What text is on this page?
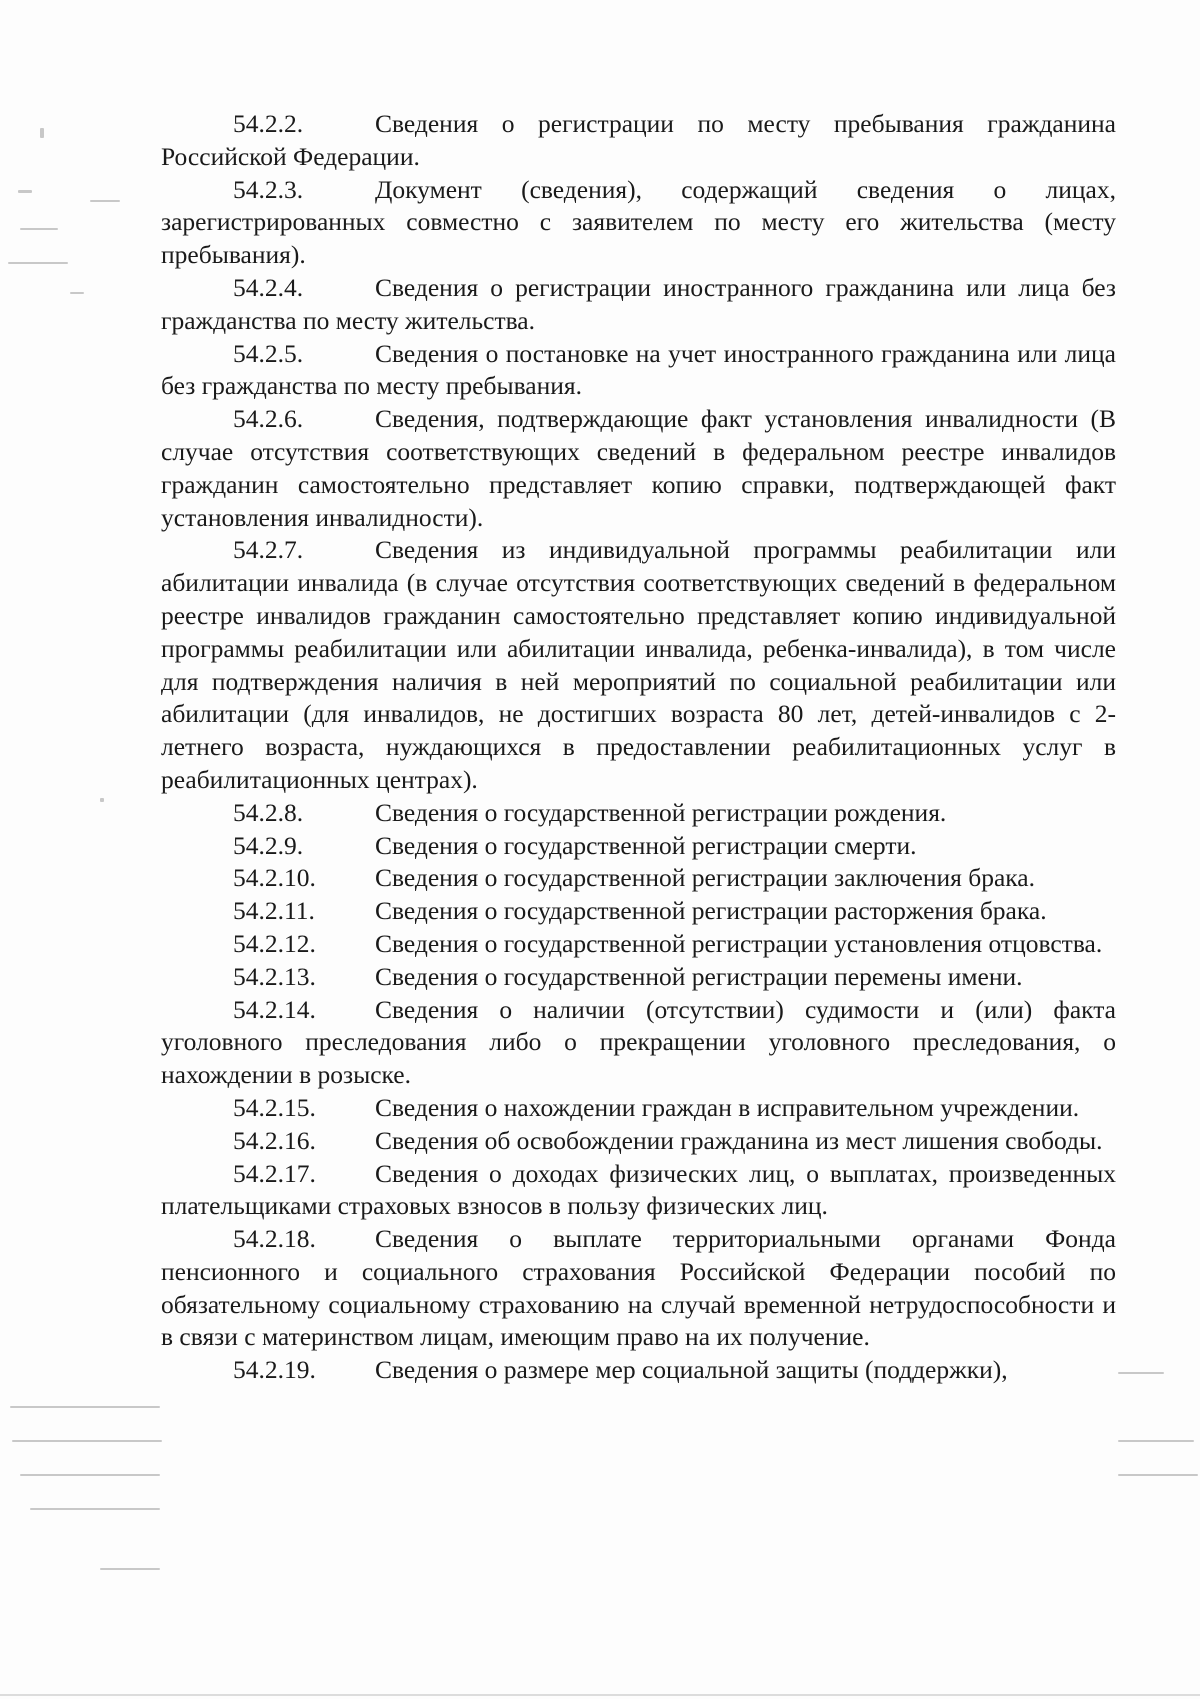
54.2.2.	Сведения о регистрации по месту пребывания гражданина Российской Федерации.

54.2.3.	Документ (сведения), содержащий сведения о лицах, зарегистрированных совместно с заявителем по месту его жительства (месту пребывания).

54.2.4.	Сведения о регистрации иностранного гражданина или лица без гражданства по месту жительства.

54.2.5.	Сведения о постановке на учет иностранного гражданина или лица без гражданства по месту пребывания.

54.2.6.	Сведения, подтверждающие факт установления инвалидности (В случае отсутствия соответствующих сведений в федеральном реестре инвалидов гражданин самостоятельно представляет копию справки, подтверждающей факт установления инвалидности).

54.2.7.	Сведения из индивидуальной программы реабилитации или абилитации инвалида (в случае отсутствия соответствующих сведений в федеральном реестре инвалидов гражданин самостоятельно представляет копию индивидуальной программы реабилитации или абилитации инвалида, ребенка-инвалида), в том числе для подтверждения наличия в ней мероприятий по социальной реабилитации или абилитации (для инвалидов, не достигших возраста 80 лет, детей-инвалидов с 2-летнего возраста, нуждающихся в предоставлении реабилитационных услуг в реабилитационных центрах).

54.2.8.	Сведения о государственной регистрации рождения.

54.2.9.	Сведения о государственной регистрации смерти.

54.2.10. Сведения о государственной регистрации заключения брака.

54.2.11. Сведения о государственной регистрации расторжения брака.

54.2.12. Сведения о государственной регистрации установления отцовства.

54.2.13. Сведения о государственной регистрации перемены имени.

54.2.14. Сведения о наличии (отсутствии) судимости и (или) факта уголовного преследования либо о прекращении уголовного преследования, о нахождении в розыске.

54.2.15. Сведения о нахождении граждан в исправительном учреждении.

54.2.16. Сведения об освобождении гражданина из мест лишения свободы.

54.2.17. Сведения о доходах физических лиц, о выплатах, произведенных плательщиками страховых взносов в пользу физических лиц.

54.2.18. Сведения о выплате территориальными органами Фонда пенсионного и социального страхования Российской Федерации пособий по обязательному социальному страхованию на случай временной нетрудоспособности и в связи с материнством лицам, имеющим право на их получение.

54.2.19. Сведения о размере мер социальной защиты (поддержки),
